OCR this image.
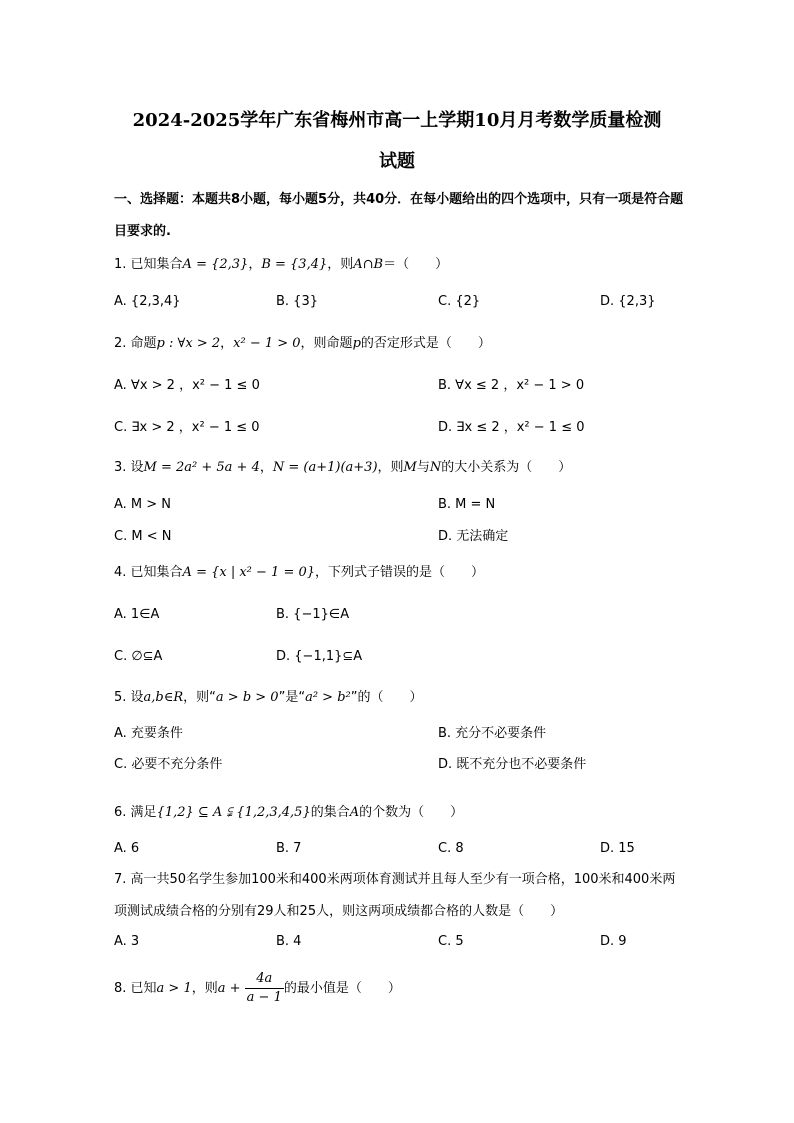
2024-2025学年广东省梅州市高一上学期10月月考数学质量检测
试题
一、选择题：本题共8小题，每小题5分，共40分．在每小题给出的四个选项中，只有一项是符合题目要求的.
1. 已知集合A = {2,3}，B = {3,4}，则A∩B＝（　　）
A. {2,3,4}	B. {3}	C. {2}	D. {2,3}
2. 命题p : ∀x > 2，x² − 1 > 0，则命题p的否定形式是（　　）
A. ∀x > 2 ，x² − 1 ≤ 0	B. ∀x ≤ 2 ，x² − 1 > 0
C. ∃x > 2 ，x² − 1 ≤ 0	D. ∃x ≤ 2 ，x² − 1 ≤ 0
3. 设M = 2a² + 5a + 4，N = (a+1)(a+3)，则M与N的大小关系为（　　）
A. M > N	B. M = N
C. M < N	D. 无法确定
4. 已知集合A = {x | x² − 1 = 0}，下列式子错误的是（　　）
A. 1∈A	B. {−1}∈A
C. ∅⊆A	D. {−1,1}⊆A
5. 设a,b∈R，则“a > b > 0”是“a² > b²”的（　　）
A. 充要条件	B. 充分不必要条件
C. 必要不充分条件	D. 既不充分也不必要条件
6. 满足{1,2} ⊆ A ⫋ {1,2,3,4,5}的集合A的个数为（　　）
A. 6	B. 7	C. 8	D. 15
7. 高一共50名学生参加100米和400米两项体育测试并且每人至少有一项合格，100米和400米两项测试成绩合格的分别有29人和25人，则这两项成绩都合格的人数是（　　）
A. 3	B. 4	C. 5	D. 9
8. 已知a > 1，则$a + \frac{4a}{a - 1}$ 的最小值是（　　）
